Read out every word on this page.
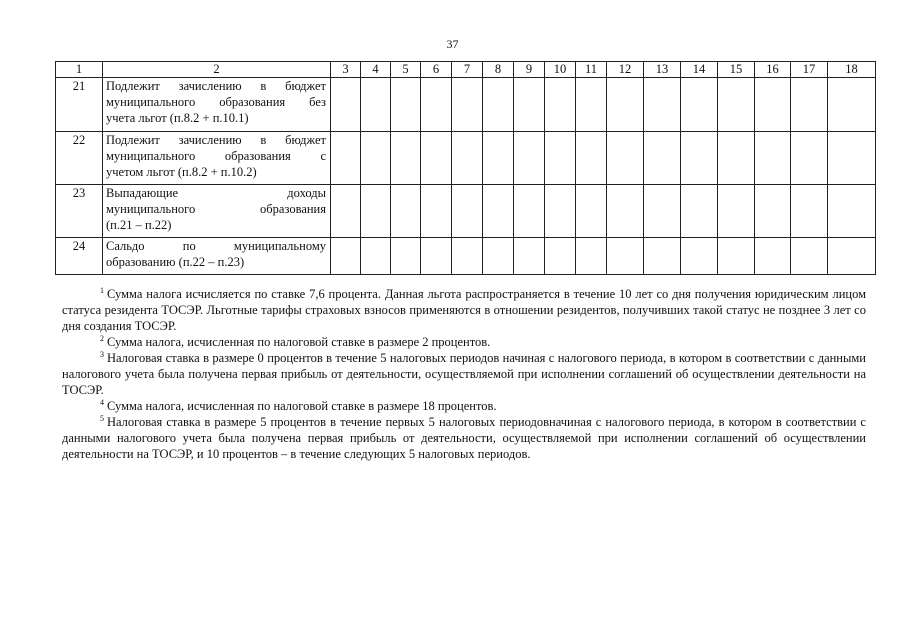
37
1	2	3	4	5	6	7	8	9	10	11	12	13	14	15	16	17	18
21	Подлежит зачислению в бюджет
муниципального образования без

учета льгот (п.8.2 + п.10.1)																

22	Подлежит зачислению в бюджет
муниципального образования с

учетом льгот (п.8.2 + п.10.2)																

23	Выпадающие доходы
муниципального образования

(п.21 – п.22)																

24	Сальдо по муниципальному

образованию (п.22 – п.23)																

$^1$ Сумма налога исчисляется по ставке 7,6 процента. Данная льгота распространяется в течение 10 лет со дня получения юридическим лицом статуса резидента ТОСЭР. Льготные тарифы страховых взносов применяются в отношении резидентов, получивших такой статус не позднее 3 лет со дня создания ТОСЭР.

$^2$ Сумма налога, исчисленная по налоговой ставке в размере 2 процентов.

$^3$ Налоговая ставка в размере 0 процентов в течение 5 налоговых периодов начиная с налогового периода, в котором в соответствии с данными налогового учета была получена первая прибыль от деятельности, осуществляемой при исполнении соглашений об осуществлении деятельности на ТОСЭР.

$^4$ Сумма налога, исчисленная по налоговой ставке в размере 18 процентов.

$^5$ Налоговая ставка в размере 5 процентов в течение первых 5 налоговых периодовначиная с налогового периода, в котором в соответствии с данными налогового учета была получена первая прибыль от деятельности, осуществляемой при исполнении соглашений об осуществлении деятельности на ТОСЭР, и 10 процентов – в течение следующих 5 налоговых периодов.
